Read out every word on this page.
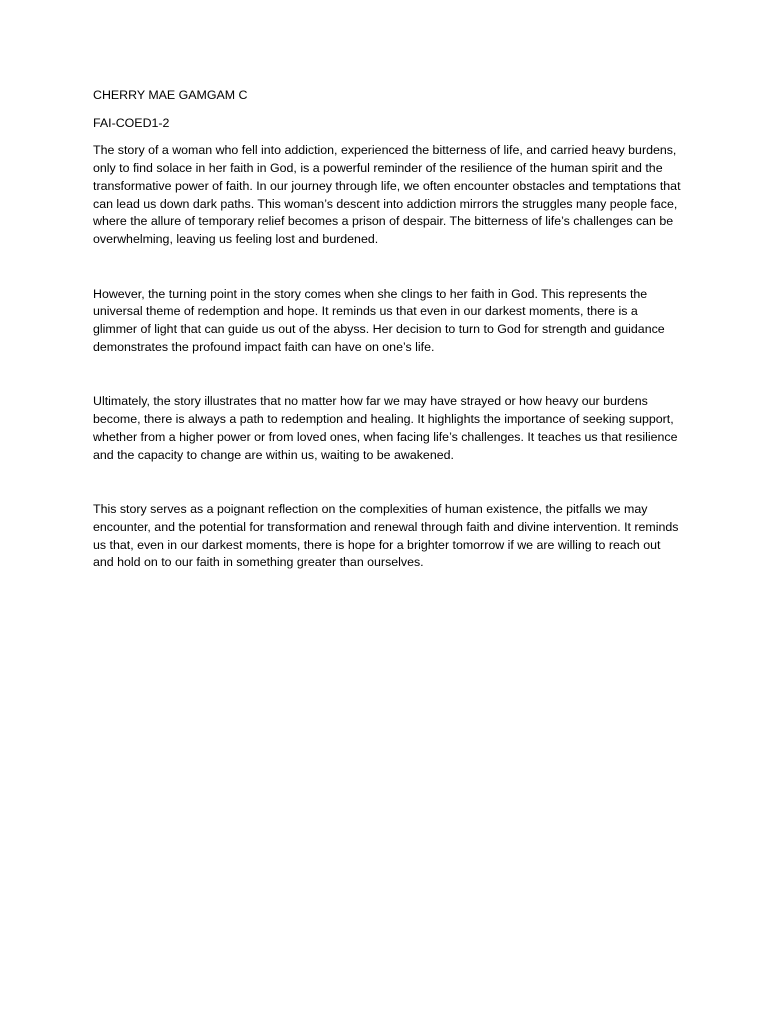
CHERRY MAE GAMGAM C

FAI-COED1-2

The story of a woman who fell into addiction, experienced the bitterness of life, and carried heavy burdens, only to find solace in her faith in God, is a powerful reminder of the resilience of the human spirit and the transformative power of faith. In our journey through life, we often encounter obstacles and temptations that can lead us down dark paths. This woman’s descent into addiction mirrors the struggles many people face, where the allure of temporary relief becomes a prison of despair. The bitterness of life’s challenges can be overwhelming, leaving us feeling lost and burdened.

However, the turning point in the story comes when she clings to her faith in God. This represents the universal theme of redemption and hope. It reminds us that even in our darkest moments, there is a glimmer of light that can guide us out of the abyss. Her decision to turn to God for strength and guidance demonstrates the profound impact faith can have on one’s life.

Ultimately, the story illustrates that no matter how far we may have strayed or how heavy our burdens become, there is always a path to redemption and healing. It highlights the importance of seeking support, whether from a higher power or from loved ones, when facing life’s challenges. It teaches us that resilience and the capacity to change are within us, waiting to be awakened.

This story serves as a poignant reflection on the complexities of human existence, the pitfalls we may encounter, and the potential for transformation and renewal through faith and divine intervention. It reminds us that, even in our darkest moments, there is hope for a brighter tomorrow if we are willing to reach out and hold on to our faith in something greater than ourselves.
